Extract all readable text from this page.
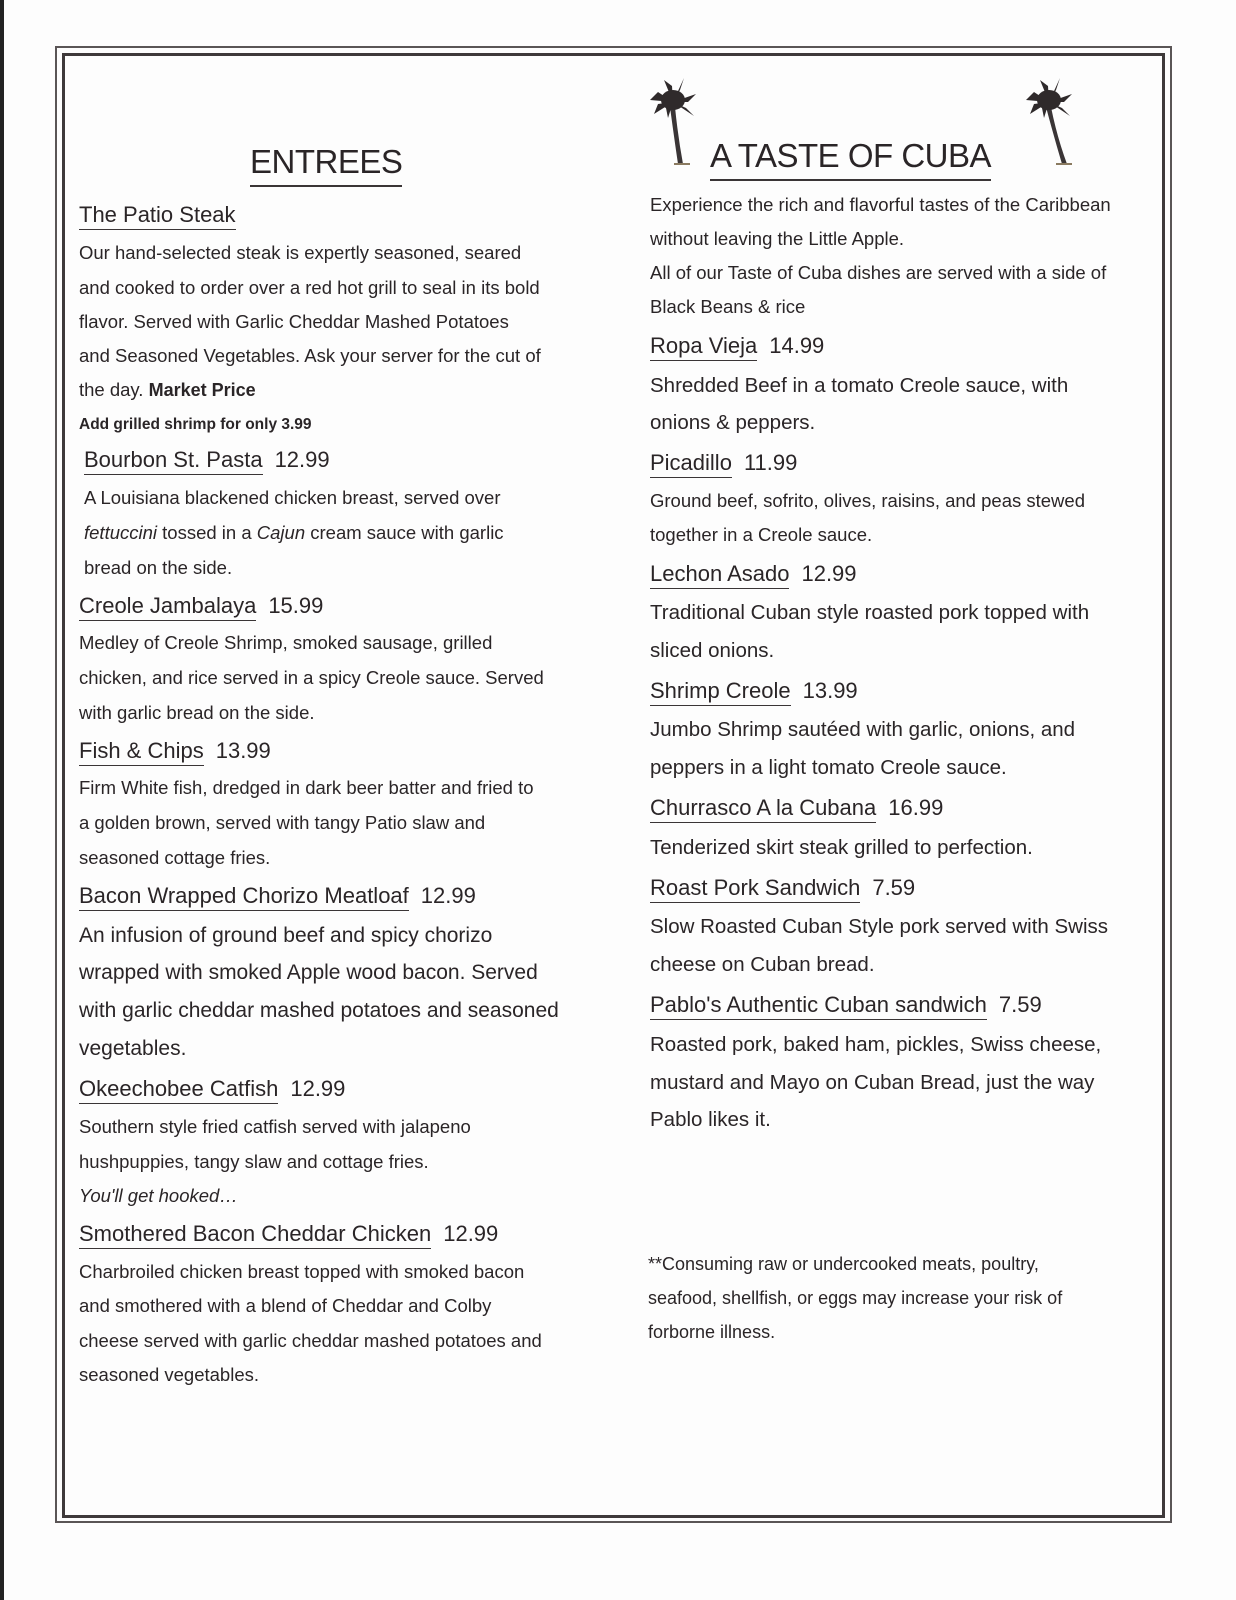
ENTREES	A TASTE OF CUBA
The Patio Steak
Our hand-selected steak is expertly seasoned, seared
and cooked to order over a red hot grill to seal in its bold
flavor. Served with Garlic Cheddar Mashed Potatoes
and Seasoned Vegetables. Ask your server for the cut of
the day. Market Price
Add grilled shrimp for only 3.99
Bourbon St. Pasta 12.99
A Louisiana blackened chicken breast, served over
fettuccini tossed in a Cajun cream sauce with garlic
bread on the side.
Creole Jambalaya 15.99
Medley of Creole Shrimp, smoked sausage, grilled
chicken, and rice served in a spicy Creole sauce. Served
with garlic bread on the side.
Fish & Chips 13.99
Firm White fish, dredged in dark beer batter and fried to
a golden brown, served with tangy Patio slaw and
seasoned cottage fries.
Bacon Wrapped Chorizo Meatloaf 12.99
An infusion of ground beef and spicy chorizo
wrapped with smoked Apple wood bacon. Served
with garlic cheddar mashed potatoes and seasoned
vegetables.
Okeechobee Catfish 12.99
Southern style fried catfish served with jalapeno
hushpuppies, tangy slaw and cottage fries.
You'll get hooked…
Smothered Bacon Cheddar Chicken 12.99
Charbroiled chicken breast topped with smoked bacon
and smothered with a blend of Cheddar and Colby
cheese served with garlic cheddar mashed potatoes and
seasoned vegetables.
Experience the rich and flavorful tastes of the Caribbean
without leaving the Little Apple.
All of our Taste of Cuba dishes are served with a side of
Black Beans & rice
Ropa Vieja 14.99
Shredded Beef in a tomato Creole sauce, with
onions & peppers.
Picadillo 11.99
Ground beef, sofrito, olives, raisins, and peas stewed
together in a Creole sauce.
Lechon Asado 12.99
Traditional Cuban style roasted pork topped with
sliced onions.
Shrimp Creole 13.99
Jumbo Shrimp sautéed with garlic, onions, and
peppers in a light tomato Creole sauce.
Churrasco A la Cubana 16.99
Tenderized skirt steak grilled to perfection.
Roast Pork Sandwich 7.59
Slow Roasted Cuban Style pork served with Swiss
cheese on Cuban bread.
Pablo's Authentic Cuban sandwich 7.59
Roasted pork, baked ham, pickles, Swiss cheese,
mustard and Mayo on Cuban Bread, just the way
Pablo likes it.
**Consuming raw or undercooked meats, poultry,
seafood, shellfish, or eggs may increase your risk of
forborne illness.
